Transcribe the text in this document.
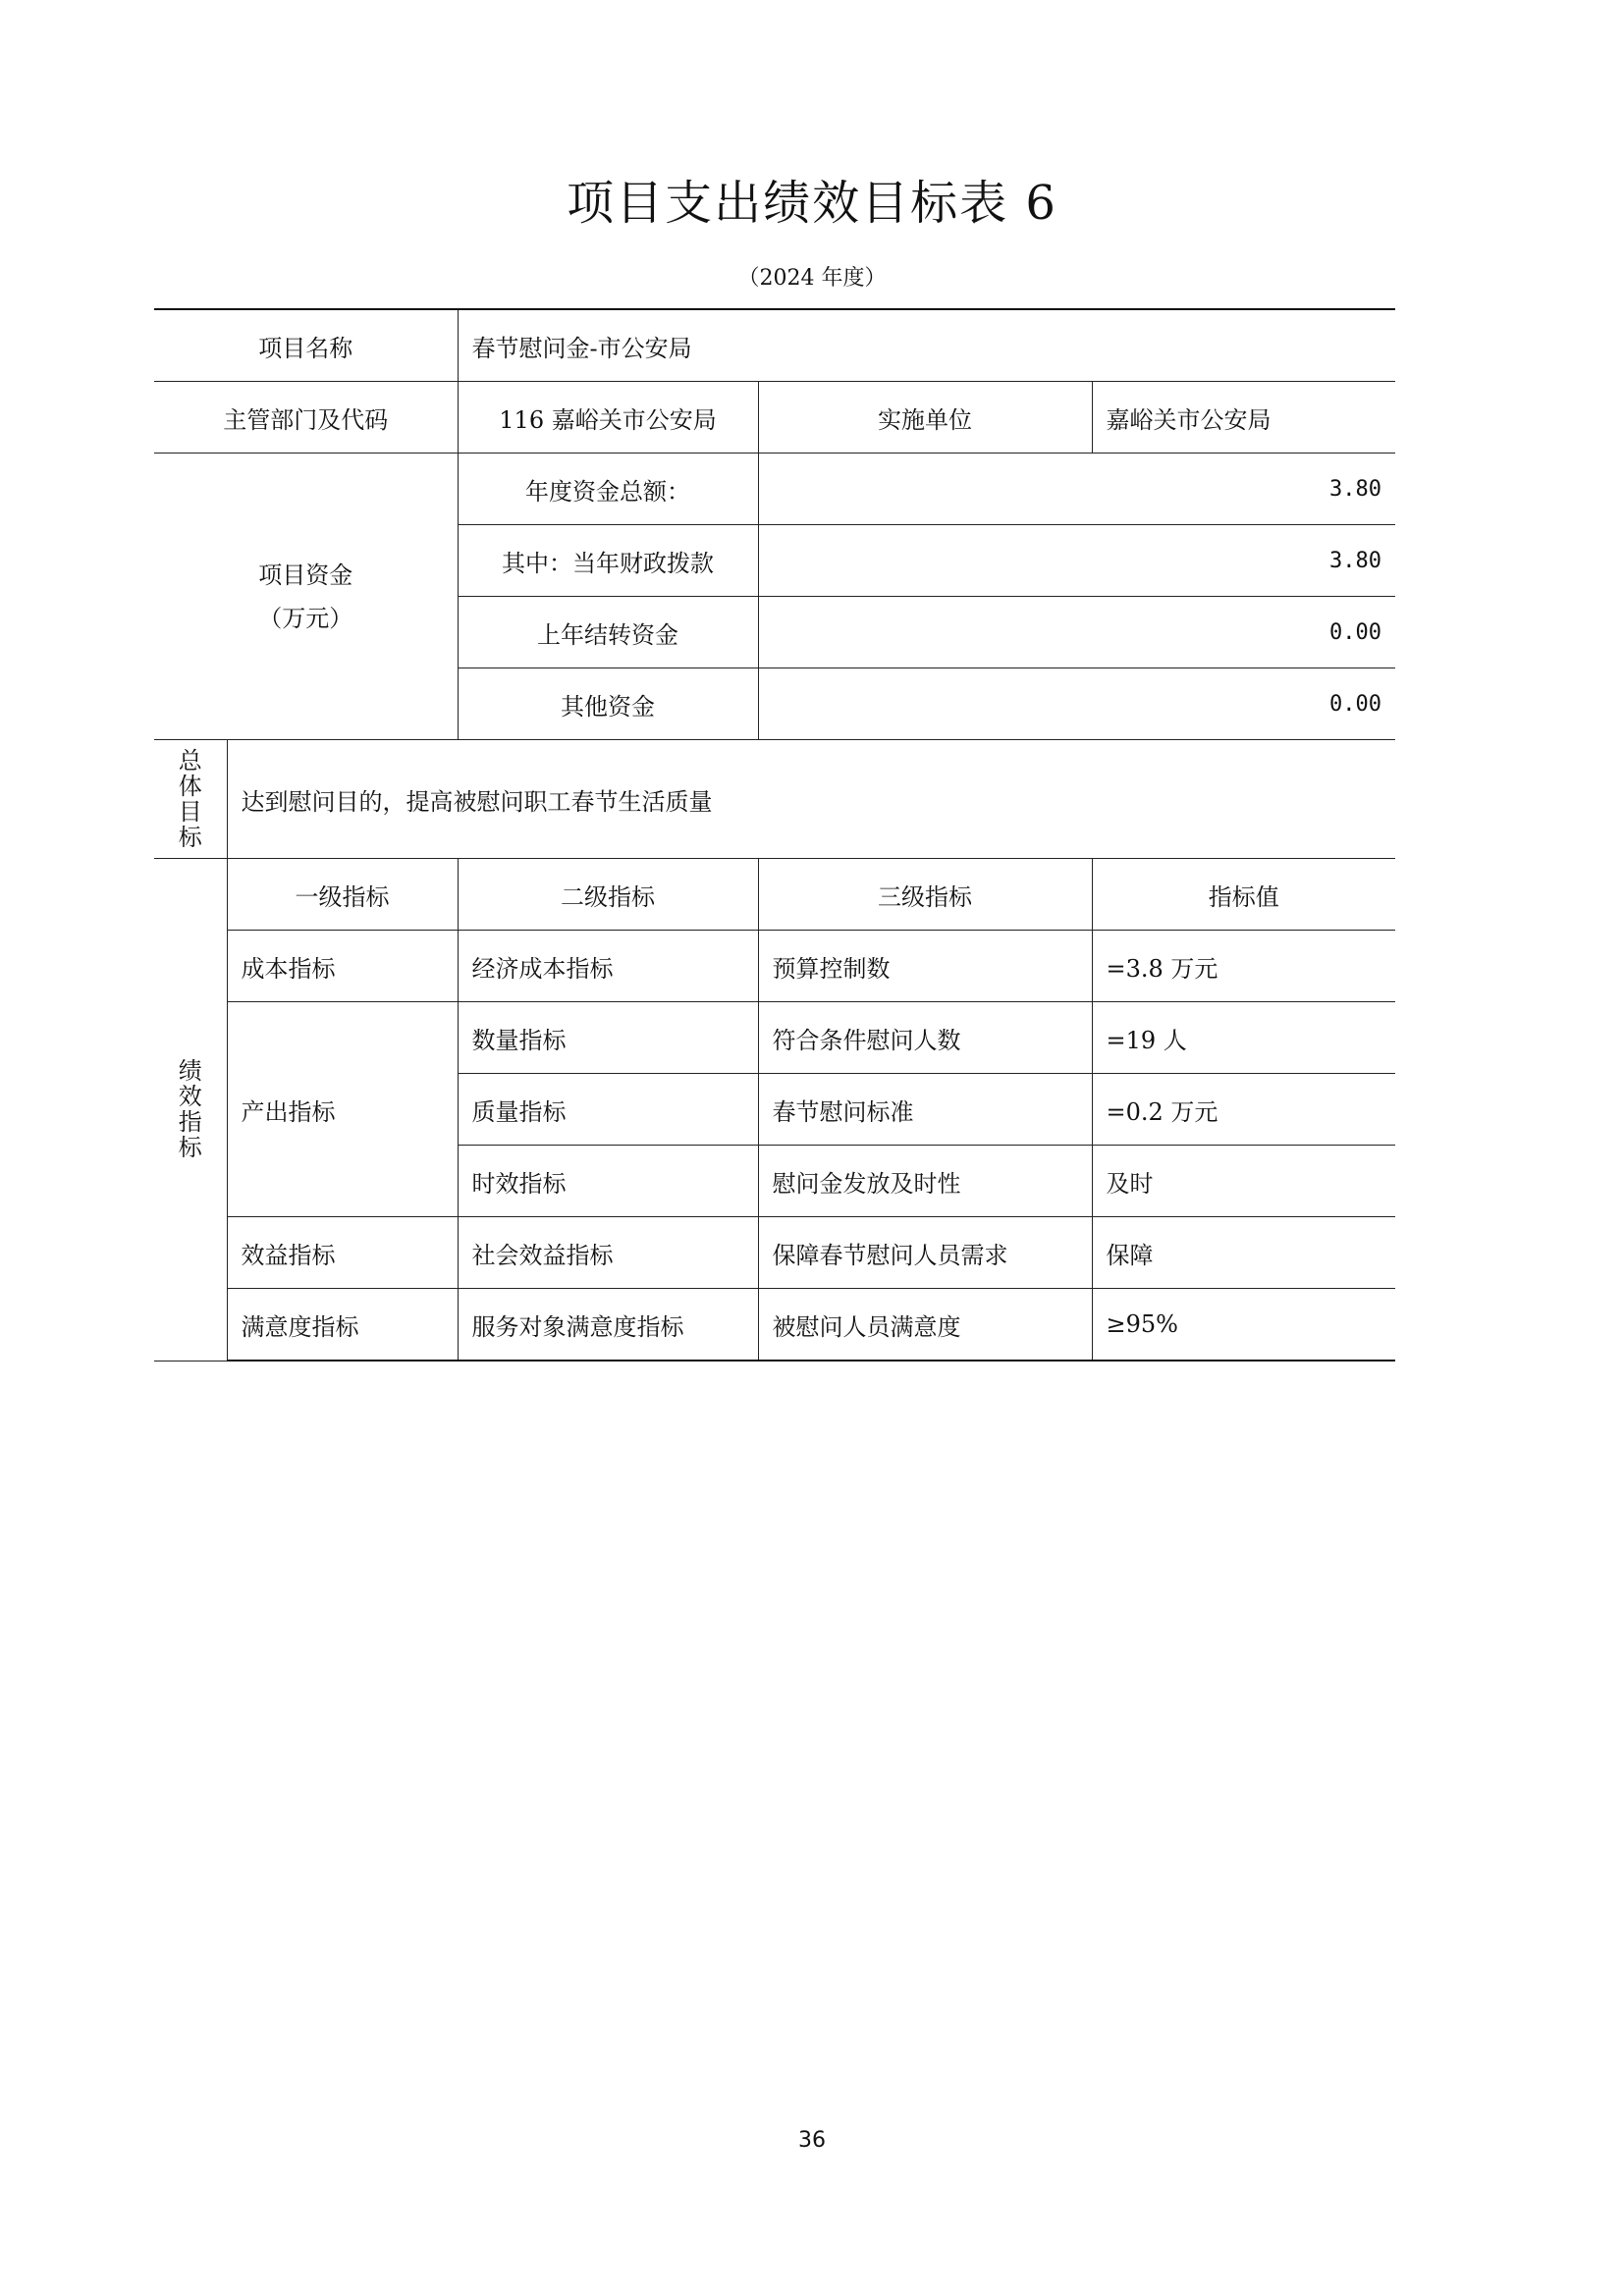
项目支出绩效目标表 6
（2024 年度）
项目名称		春节慰问金-市公安局		
主管部门及代码		116 嘉峪关市公安局	实施单位	嘉峪关市公安局

项目资金
（万元）		年度资金总额：	3.80	
		其中：当年财政拨款	3.80	
		上年结转资金	0.00	
		其他资金	0.00	
总体目标	达到慰问目的，提高被慰问职工春节生活质量			
绩效指标	一级指标	二级指标	三级指标	指标值
	成本指标	经济成本指标	预算控制数	=3.8 万元
	产出指标	数量指标	符合条件慰问人数	=19 人
		质量指标	春节慰问标准	=0.2 万元
		时效指标	慰问金发放及时性	及时
	效益指标	社会效益指标	保障春节慰问人员需求	保障
	满意度指标	服务对象满意度指标	被慰问人员满意度	≥95%
36
